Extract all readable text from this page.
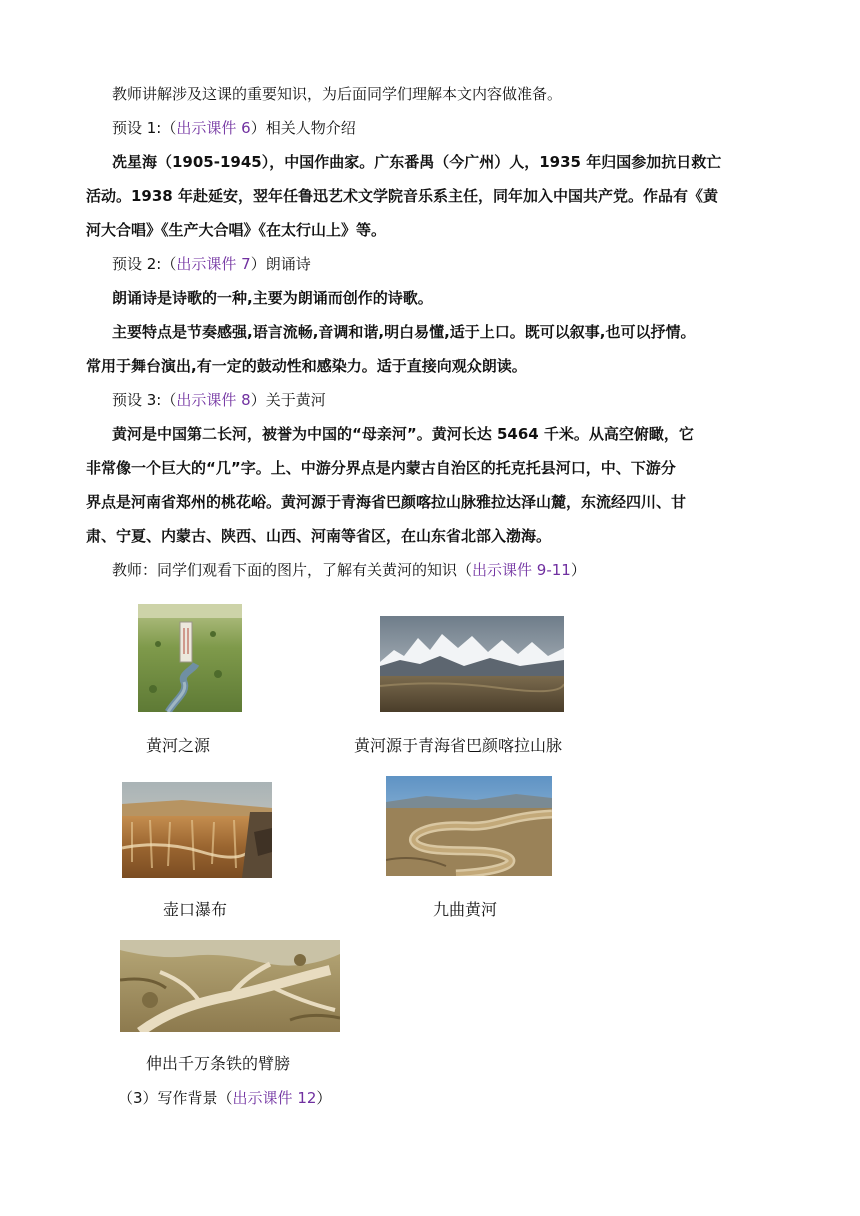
教师讲解涉及这课的重要知识，为后面同学们理解本文内容做准备。
预设 1:（出示课件 6）相关人物介绍
冼星海（1905-1945），中国作曲家。广东番禺（今广州）人，1935 年归国参加抗日救亡
活动。1938 年赴延安，翌年任鲁迅艺术文学院音乐系主任，同年加入中国共产党。作品有《黄
河大合唱》《生产大合唱》《在太行山上》等。
预设 2:（出示课件 7）朗诵诗
朗诵诗是诗歌的一种,主要为朗诵而创作的诗歌。
主要特点是节奏感强,语言流畅,音调和谐,明白易懂,适于上口。既可以叙事,也可以抒情。
常用于舞台演出,有一定的鼓动性和感染力。适于直接向观众朗读。
预设 3:（出示课件 8）关于黄河
黄河是中国第二长河，被誉为中国的“母亲河”。黄河长达 5464 千米。从高空俯瞰，它
非常像一个巨大的“几”字。上、中游分界点是内蒙古自治区的托克托县河口，中、下游分
界点是河南省郑州的桃花峪。黄河源于青海省巴颜喀拉山脉雅拉达泽山麓，东流经四川、甘
肃、宁夏、内蒙古、陕西、山西、河南等省区，在山东省北部入渤海。
教师：同学们观看下面的图片，了解有关黄河的知识（出示课件 9-11）
黄河之源	黄河源于青海省巴颜喀拉山脉
壶口瀑布	九曲黄河
伸出千万条铁的臂膀
（3）写作背景（出示课件 12）
